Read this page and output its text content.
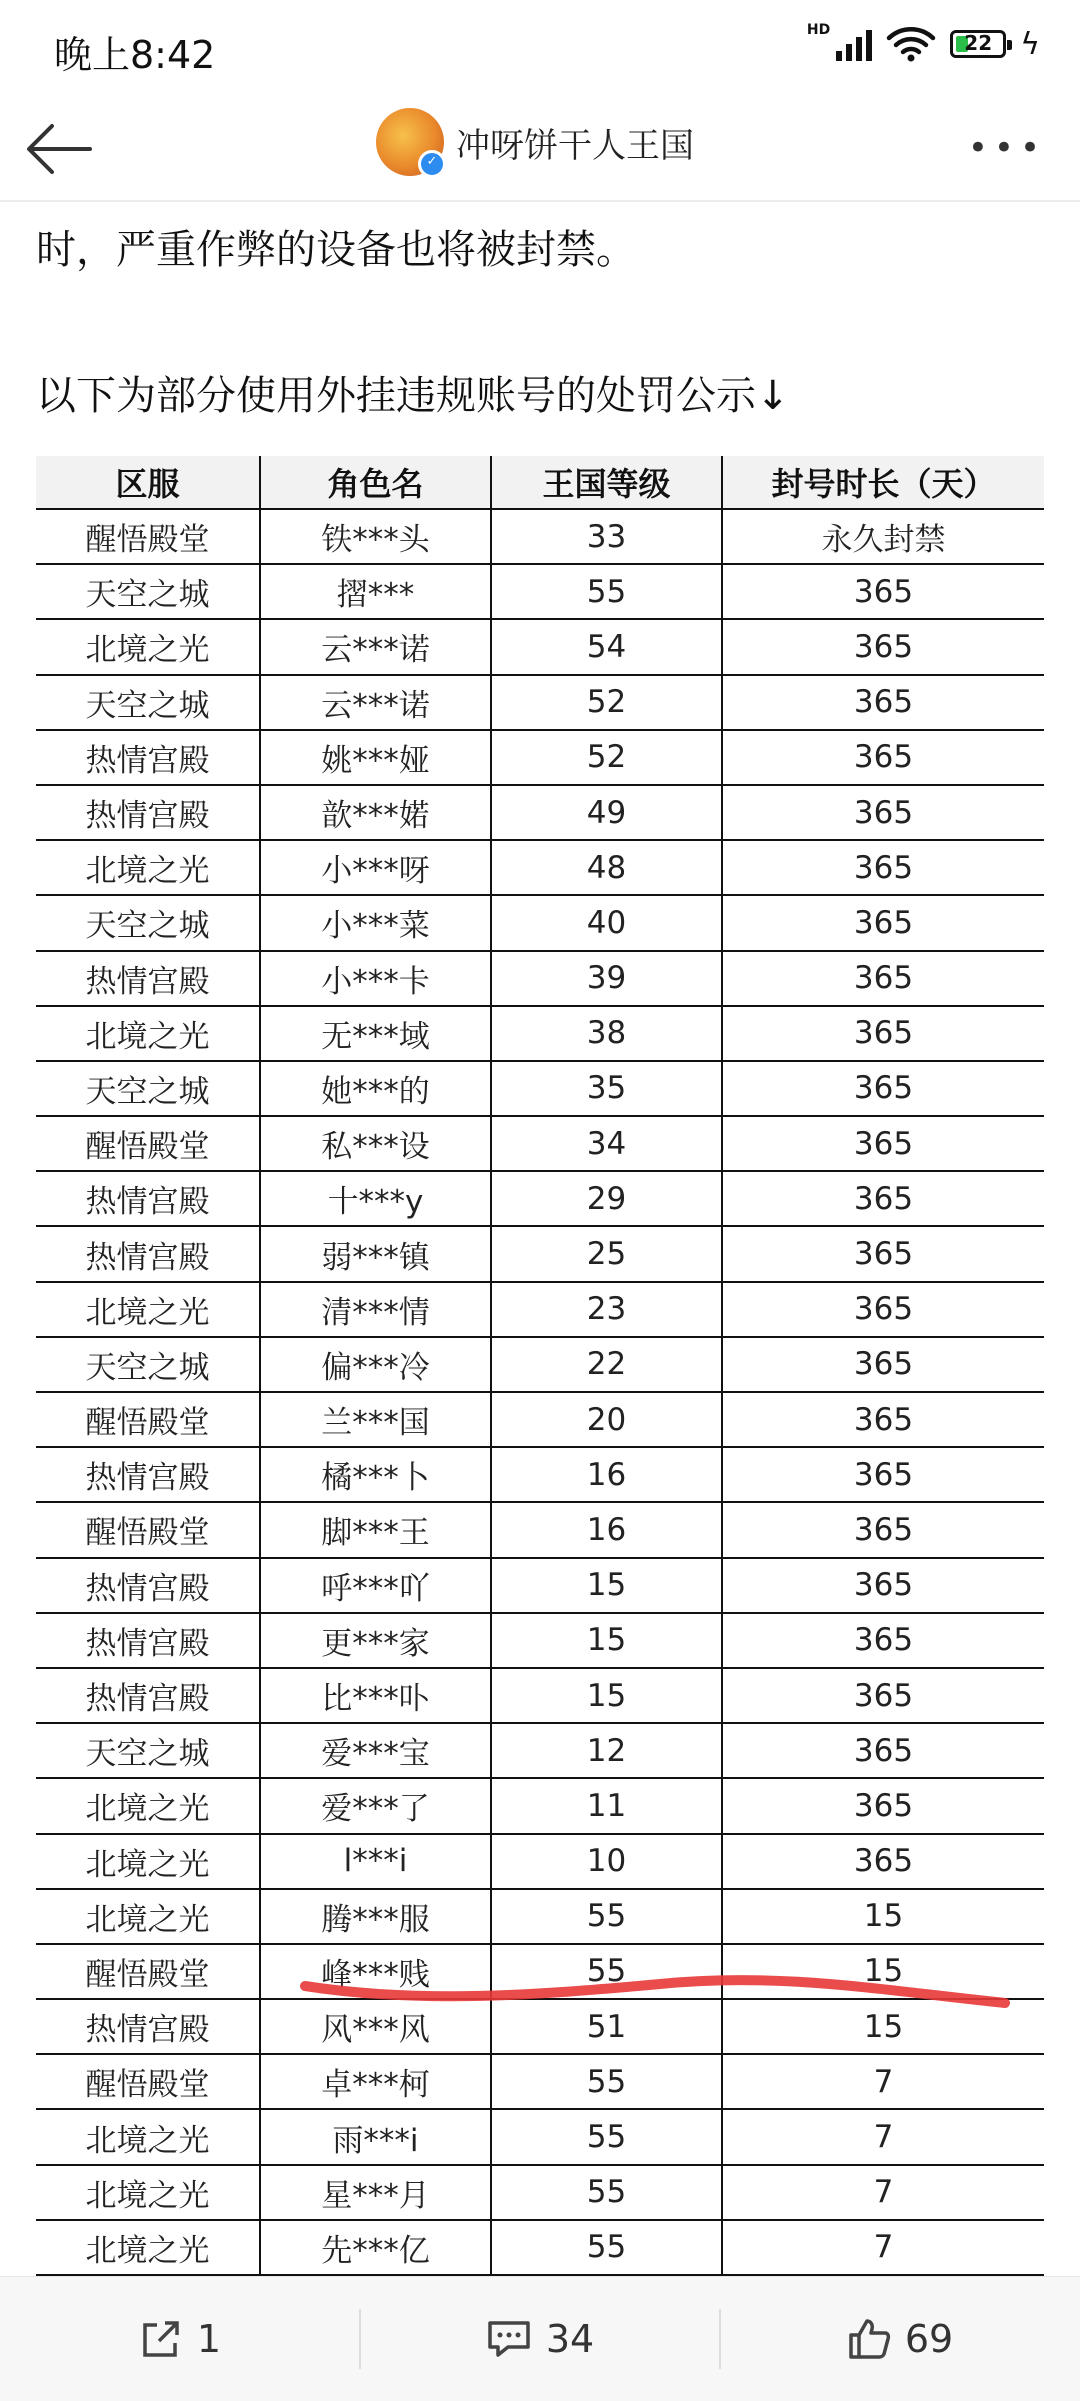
晚上8:42
HD
22 ϟ
✓ 冲呀饼干人王国	•••
时，严重作弊的设备也将被封禁。
以下为部分使用外挂违规账号的处罚公示↓
区服	角色名	王国等级	封号时长（天）
醒悟殿堂	铁***头	33	永久封禁
天空之城	摺***	55	365
北境之光	云***诺	54	365
天空之城	云***诺	52	365
热情宫殿	姚***娅	52	365
热情宫殿	歆***婼	49	365
北境之光	小***呀	48	365
天空之城	小***菜	40	365
热情宫殿	小***卡	39	365
北境之光	无***域	38	365
天空之城	她***的	35	365
醒悟殿堂	私***设	34	365
热情宫殿	十***y	29	365
热情宫殿	弱***镇	25	365
北境之光	清***情	23	365
天空之城	偏***冷	22	365
醒悟殿堂	兰***国	20	365
热情宫殿	橘***卜	16	365
醒悟殿堂	脚***王	16	365
热情宫殿	呼***吖	15	365
热情宫殿	更***家	15	365
热情宫殿	比***卟	15	365
天空之城	爱***宝	12	365
北境之光	爱***了	11	365
北境之光	l***i	10	365
北境之光	腾***服	55	15
醒悟殿堂	峰***贱	55	15
热情宫殿	风***风	51	15
醒悟殿堂	卓***柯	55	7
北境之光	雨***i	55	7
北境之光	星***月	55	7
北境之光	先***亿	55	7

1	34	69
